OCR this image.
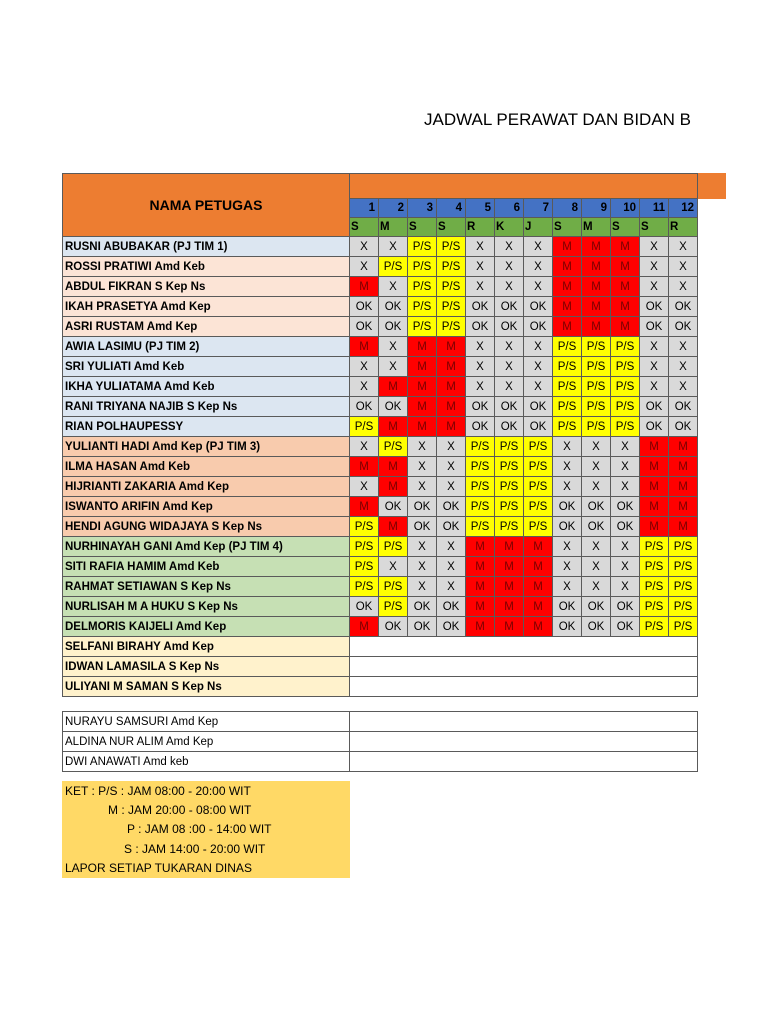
JADWAL PERAWAT DAN BIDAN B
NAMA PETUGAS												
	1	2	3	4	5	6	7	8	9	10	11	12
	S	M	S	S	R	K	J	S	M	S	S	R
RUSNI ABUBAKAR (PJ TIM 1)	X	X	P/S	P/S	X	X	X	M	M	M	X	X
ROSSI PRATIWI Amd Keb	X	P/S	P/S	P/S	X	X	X	M	M	M	X	X
ABDUL FIKRAN S Kep Ns	M	X	P/S	P/S	X	X	X	M	M	M	X	X
IKAH PRASETYA Amd Kep	OK	OK	P/S	P/S	OK	OK	OK	M	M	M	OK	OK
ASRI RUSTAM Amd Kep	OK	OK	P/S	P/S	OK	OK	OK	M	M	M	OK	OK
AWIA LASIMU (PJ TIM 2)	M	X	M	M	X	X	X	P/S	P/S	P/S	X	X
SRI YULIATI Amd Keb	X	X	M	M	X	X	X	P/S	P/S	P/S	X	X
IKHA YULIATAMA Amd Keb	X	M	M	M	X	X	X	P/S	P/S	P/S	X	X
RANI TRIYANA NAJIB S Kep Ns	OK	OK	M	M	OK	OK	OK	P/S	P/S	P/S	OK	OK
RIAN POLHAUPESSY	P/S	M	M	M	OK	OK	OK	P/S	P/S	P/S	OK	OK
YULIANTI HADI Amd Kep (PJ TIM 3)	X	P/S	X	X	P/S	P/S	P/S	X	X	X	M	M
ILMA HASAN Amd Keb	M	M	X	X	P/S	P/S	P/S	X	X	X	M	M
HIJRIANTI ZAKARIA Amd Kep	X	M	X	X	P/S	P/S	P/S	X	X	X	M	M
ISWANTO ARIFIN Amd Kep	M	OK	OK	OK	P/S	P/S	P/S	OK	OK	OK	M	M
HENDI AGUNG WIDAJAYA S Kep Ns	P/S	M	OK	OK	P/S	P/S	P/S	OK	OK	OK	M	M
NURHINAYAH GANI Amd Kep (PJ TIM 4)	P/S	P/S	X	X	M	M	M	X	X	X	P/S	P/S
SITI RAFIA HAMIM Amd Keb	P/S	X	X	X	M	M	M	X	X	X	P/S	P/S
RAHMAT SETIAWAN S Kep Ns	P/S	P/S	X	X	M	M	M	X	X	X	P/S	P/S
NURLISAH M A HUKU S Kep Ns	OK	P/S	OK	OK	M	M	M	OK	OK	OK	P/S	P/S
DELMORIS KAIJELI Amd Kep	M	OK	OK	OK	M	M	M	OK	OK	OK	P/S	P/S
SELFANI BIRAHY Amd Kep												
IDWAN LAMASILA S Kep Ns												
ULIYANI M SAMAN S Kep Ns												

NURAYU SAMSURI Amd Kep												
ALDINA NUR ALIM Amd Kep												
DWI ANAWATI Amd keb												
KET : P/S : JAM 08:00 - 20:00 WIT
M : JAM 20:00 - 08:00 WIT
P : JAM 08 :00 - 14:00 WIT
S : JAM 14:00 - 20:00 WIT
LAPOR SETIAP TUKARAN DINAS
